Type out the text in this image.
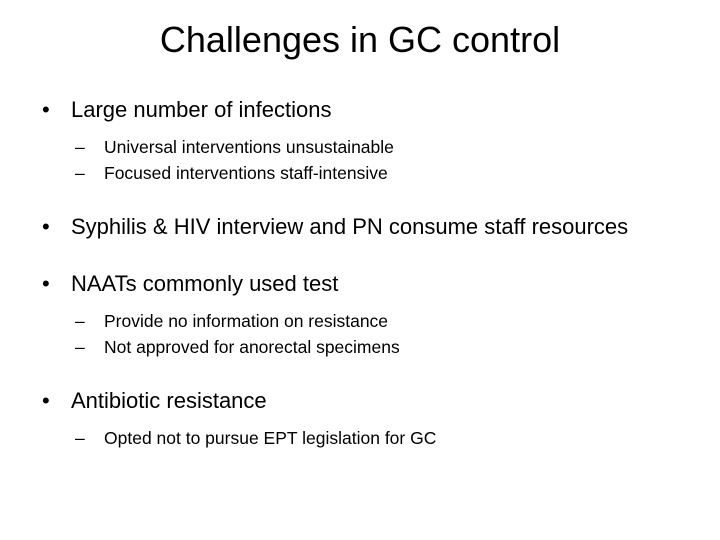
Challenges in GC control
• Large number of infections
– Universal interventions unsustainable
– Focused interventions staff-intensive
• Syphilis & HIV interview and PN consume staff resources
• NAATs commonly used test
– Provide no information on resistance
– Not approved for anorectal specimens
• Antibiotic resistance
– Opted not to pursue EPT legislation for GC
